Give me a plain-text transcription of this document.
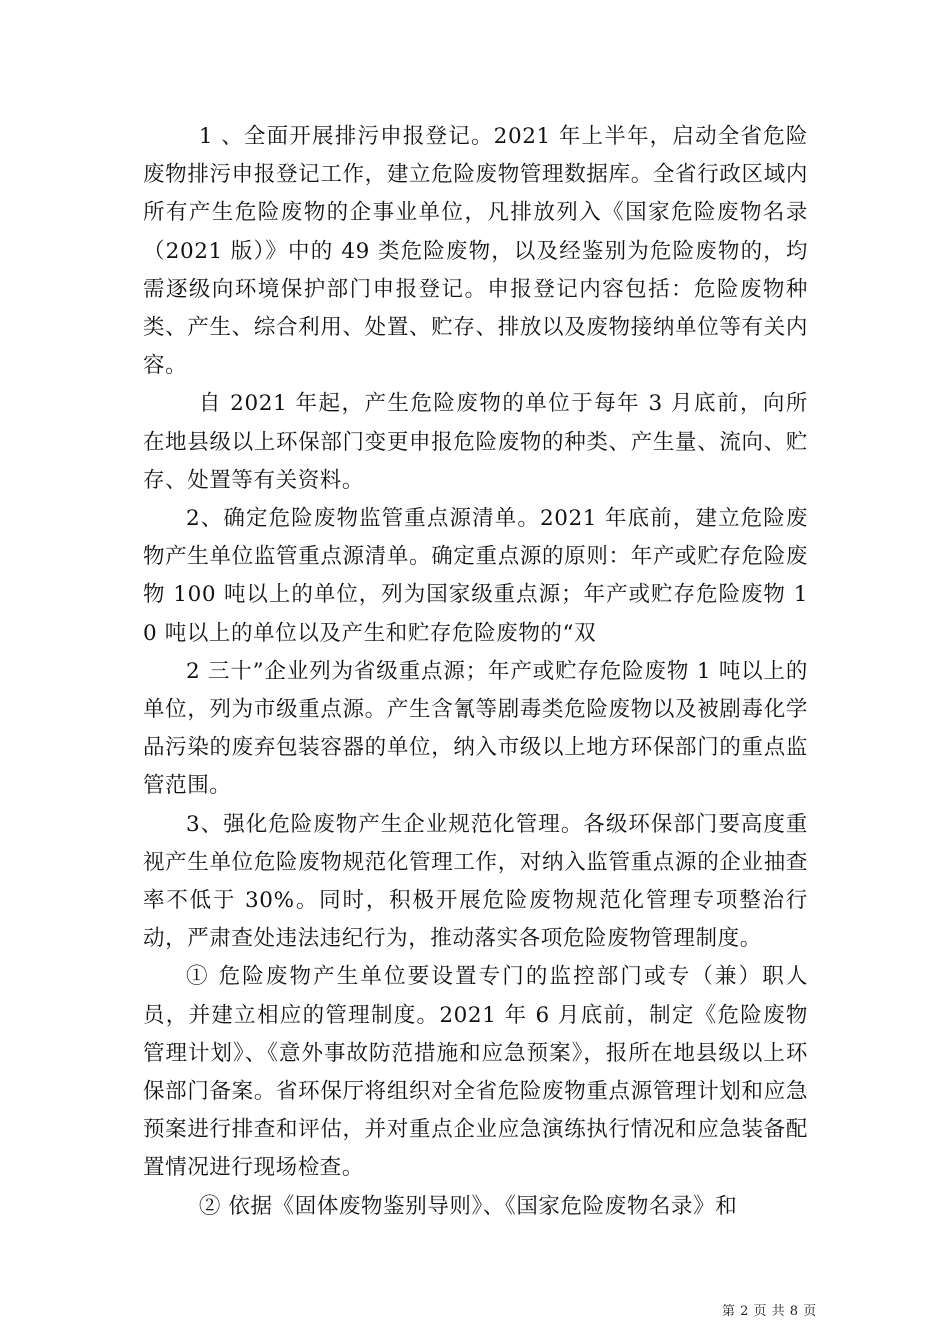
1 、全面开展排污申报登记。2021 年上半年，启动全省危险废物排污申报登记工作，建立危险废物管理数据库。全省行政区域内所有产生危险废物的企事业单位，凡排放列入《国家危险废物名录（2021 版）》中的 49 类危险废物，以及经鉴别为危险废物的，均需逐级向环境保护部门申报登记。申报登记内容包括：危险废物种类、产生、综合利用、处置、贮存、排放以及废物接纳单位等有关内容。

自 2021 年起，产生危险废物的单位于每年 3 月底前，向所在地县级以上环保部门变更申报危险废物的种类、产生量、流向、贮存、处置等有关资料。

2、确定危险废物监管重点源清单。2021 年底前，建立危险废物产生单位监管重点源清单。确定重点源的原则：年产或贮存危险废物 100 吨以上的单位，列为国家级重点源；年产或贮存危险废物 10 吨以上的单位以及产生和贮存危险废物的“双

2 三十”企业列为省级重点源；年产或贮存危险废物 1 吨以上的单位，列为市级重点源。产生含氰等剧毒类危险废物以及被剧毒化学品污染的废弃包装容器的单位，纳入市级以上地方环保部门的重点监管范围。

3、强化危险废物产生企业规范化管理。各级环保部门要高度重视产生单位危险废物规范化管理工作，对纳入监管重点源的企业抽查率不低于 30%。同时，积极开展危险废物规范化管理专项整治行动，严肃查处违法违纪行为，推动落实各项危险废物管理制度。

① 危险废物产生单位要设置专门的监控部门或专（兼）职人员，并建立相应的管理制度。2021 年 6 月底前，制定《危险废物管理计划》、《意外事故防范措施和应急预案》，报所在地县级以上环保部门备案。省环保厅将组织对全省危险废物重点源管理计划和应急预案进行排查和评估，并对重点企业应急演练执行情况和应急装备配置情况进行现场检查。

② 依据《固体废物鉴别导则》、《国家危险废物名录》和

第 2 页 共 8 页
